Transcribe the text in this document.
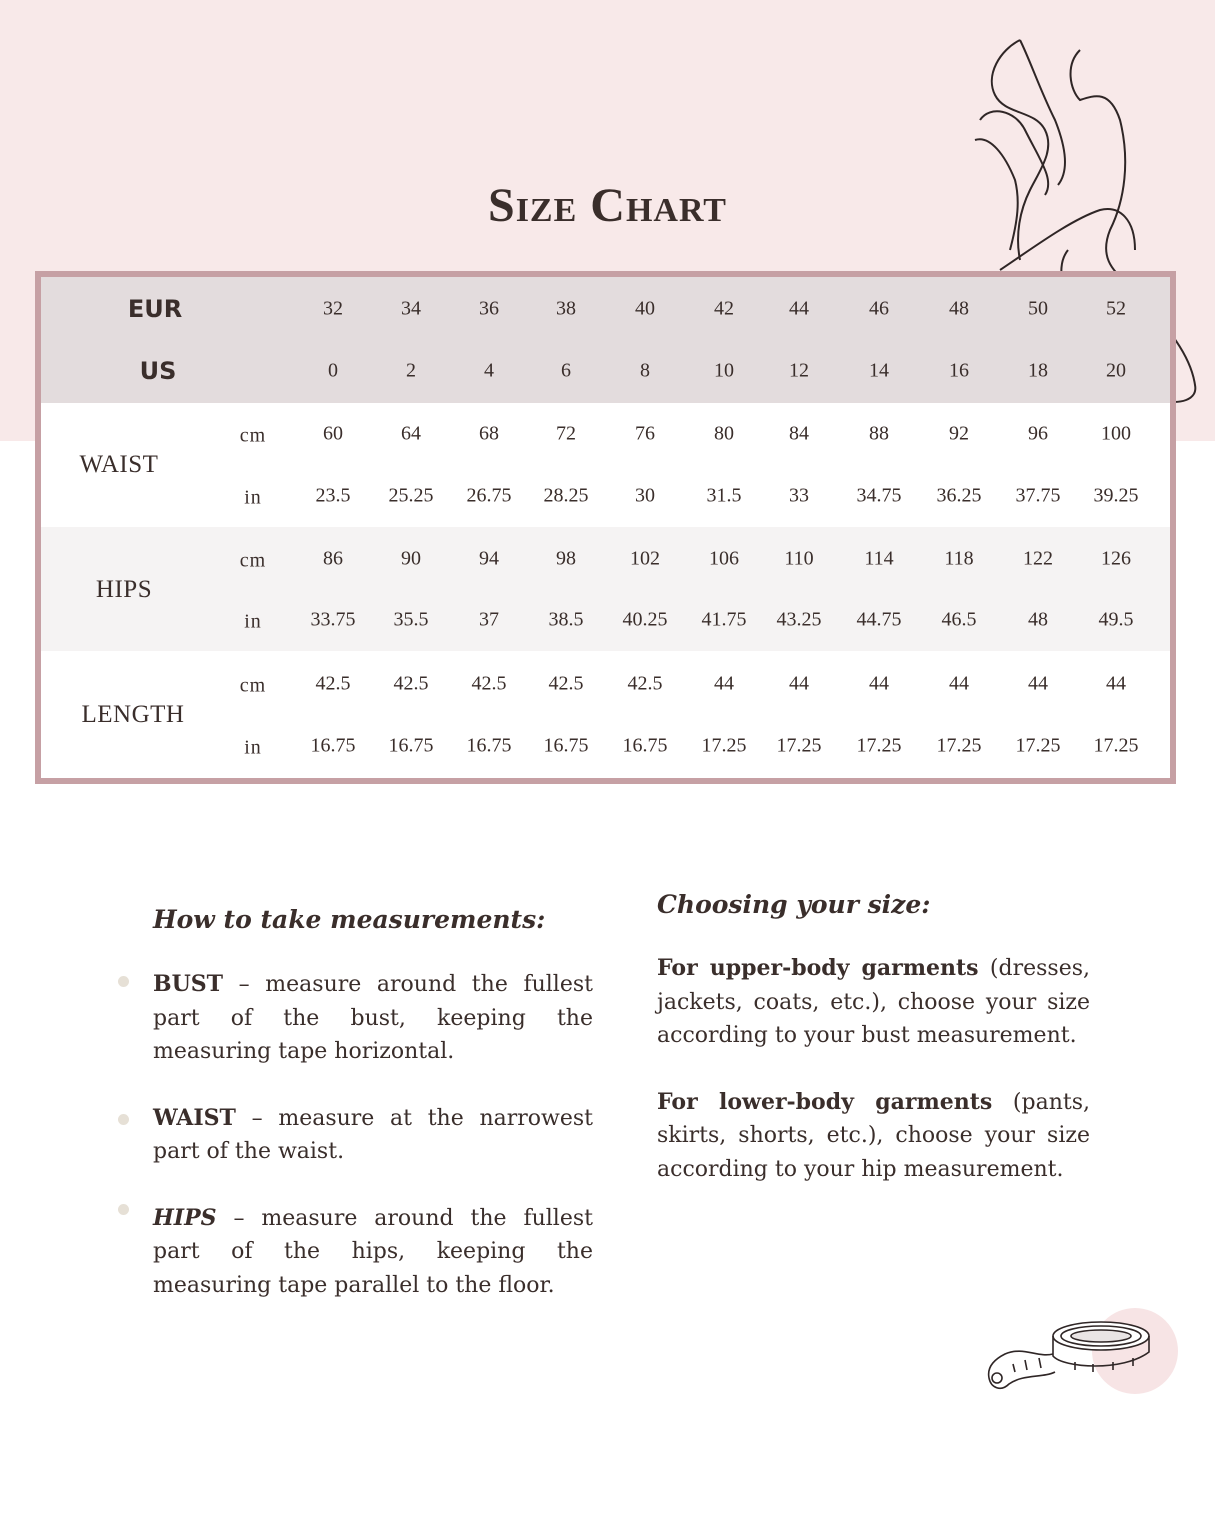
Size Chart
EUR	32	34	36	38	40	42	44	46	48	50	52
US	0	2	4	6	8	10	12	14	16	18	20
WAIST
cm	60	64	68	72	76	80	84	88	92	96	100
in	23.5 25.25 26.75 28.25 30	31.5 33 34.75 36.25 37.75 39.25
HIPS
cm	86	90	94	98	102 106 110	114	118 122 126
in 33.75 35.5	37 38.5 40.25 41.75 43.25 44.75 46.5	48	49.5
LENGTH
cm 42.5 42.5 42.5 42.5 42.5	44	44	44	44	44	44
in 16.75 16.75 16.75 16.75 16.75 17.25 17.25 17.25 17.25 17.25 17.25
How to take measurements:
BUST – measure around the fullest part of the bust, keeping the measuring tape horizontal.
WAIST – measure at the narrowest part of the waist.
HIPS – measure around the fullest part of the hips, keeping the measuring tape parallel to the floor.
Choosing your size:
For upper-body garments (dresses, jackets, coats, etc.), choose your size according to your bust measurement.
For lower-body garments (pants, skirts, shorts, etc.), choose your size according to your hip measurement.
